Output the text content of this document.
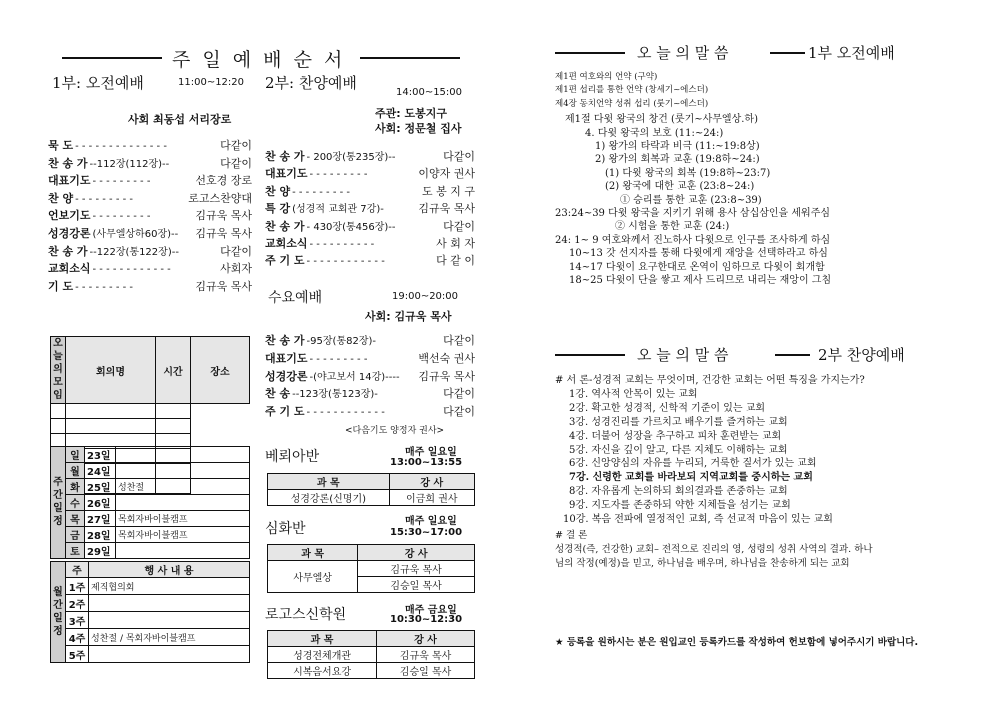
주 일 예 배 순 서
1부: 오전예배	11:00~12:20
사회 최동섭 서리장로
묵 도 - - - - - - - - - - - - - -	다같이
찬 송 가 --112장(112장)--	다같이
대표기도 - - - - - - - - -	선호경 장로
찬 양 - - - - - - - - -	로고스찬양대
언보기도 - - - - - - - - -	김규욱 목사
성경강론 (사무엘상하60장)-- 김규욱 목사
찬 송 가 --122장(통122장)--	다같이
교회소식 - - - - - - - - - - - -	사회자
기 도 - - - - - - - - -	김규욱 목사
2부: 찬양예배
14:00~15:00
주관: 도봉지구
사회: 정문철 집사
찬 송 가 - 200장(통235장)--	다같이
대표기도 - - - - - - - - -	이양자 권사
찬 양 - - - - - - - - -	도 봉 지 구
특 강 (성경적 교회관 7강)-	김규욱 목사
찬 송 가 - 430장(통456장)--	다같이
교회소식 - - - - - - - - - -	사 회 자
주 기 도 - - - - - - - - - - - -	다 같 이
수요예배	19:00~20:00
사회: 김규욱 목사
찬 송 가 -95장(통82장)-	다같이
대표기도 - - - - - - - - -	백선숙 권사
성경강론 -(야고보서 14강)---- 김규욱 목사
찬 송 --123장(통123장)-	다같이
주 기 도 - - - - - - - - - - - -	다같이
<다음기도 양정자 권사>
오늘의모임	회의명	시간	장소

주간일정	일	23일	
	월	24일	
	화	25일	성찬절
	수	26일	
	목	27일	목회자바이블캠프
	금	28일	목회자바이블캠프
	토	29일	
월간일정	주	행 사 내 용
	1주	제직협의회
	2주	
	3주	
	4주	성찬절 / 목회자바이블캠프
	5주	
베뢰아반	매주 일요일
13:00~13:55
과 목	강 사
성경강론(신명기)	이금희 권사
심화반	매주 일요일
15:30~17:00
과 목	강 사
사무엘상	김규욱 목사
	김승일 목사
로고스신학원	매주 금요일
10:30~12:30
과 목	강 사
성경전체개관	김규욱 목사
시복음서요강	김승일 목사
오 늘 의 말 씀	1부 오전예배
제1편 여호와의 언약 (구약)
제1편 섭리를 통한 언약 (창세기~에스더)
제4장 동치언약 성취 섭리 (룻기~에스더)
제1절 다윗 왕국의 창건 (룻기~사무엘상.하)
4. 다윗 왕국의 보호 (11:~24:)
1) 왕가의 타락과 비극 (11:~19:8상)
2) 왕가의 회복과 교훈 (19:8하~24:)
(1) 다윗 왕국의 회복 (19:8하~23:7)
(2) 왕국에 대한 교훈 (23:8~24:)
① 승리를 통한 교훈 (23:8~39)
23:24~39 다윗 왕국을 지키기 위해 용사 삼십삼인을 세워주심
② 시험을 통한 교훈 (24:)
24: 1~ 9 여호와께서 진노하사 다윗으로 인구를 조사하게 하심
10~13 갓 선지자를 통해 다윗에게 재앙을 선택하라고 하심
14~17 다윗이 요구한대로 온역이 임하므로 다윗이 회개함
18~25 다윗이 단을 쌓고 제사 드리므로 내리는 재앙이 그침
오 늘 의 말 씀	2부 찬양예배
# 서 론-성경적 교회는 무엇이며, 건강한 교회는 어떤 특징을 가지는가?
1강. 역사적 안목이 있는 교회
2강. 확고한 성경적, 신학적 기준이 있는 교회
3강. 성경진리를 가르치고 배우기를 즐겨하는 교회
4강. 더불어 성장을 추구하고 피차 훈련받는 교회
5강. 자신을 깊이 알고, 다른 지체도 이해하는 교회
6강. 신앙양심의 자유를 누리되, 거룩한 질서가 있는 교회
7강. 신령한 교회를 바라보되 지역교회를 중시하는 교회
8강. 자유롭게 논의하되 회의결과를 존중하는 교회
9강. 지도자를 존중하되 약한 지체들을 섬기는 교회
10강. 복음 전파에 열정적인 교회, 즉 선교적 마음이 있는 교회
# 결 론
성경적(즉, 건강한) 교회– 전적으로 진리의 영, 성령의 성취 사역의 결과. 하나
님의 작정(예정)을 믿고, 하나님을 배우며, 하나님을 찬송하게 되는 교회
★ 등록을 원하시는 분은 원입교인 등록카드를 작성하여 헌보함에 넣어주시기 바랍니다.
